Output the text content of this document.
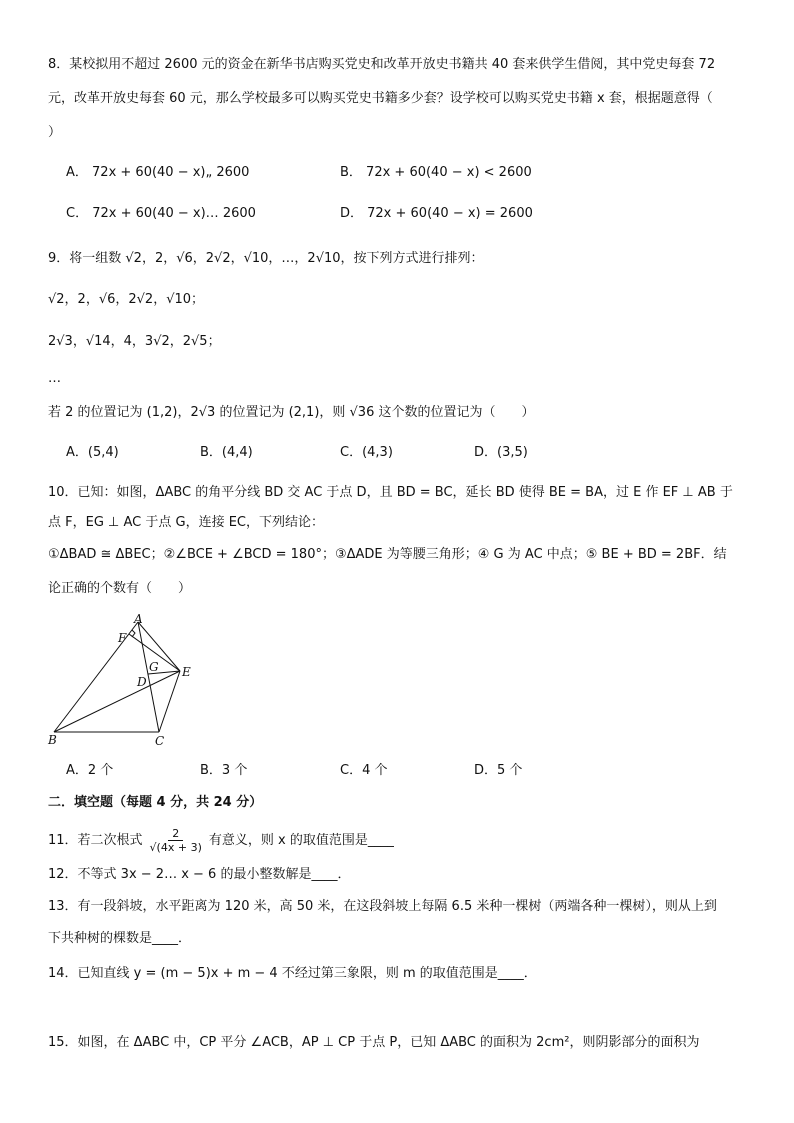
8．某校拟用不超过 2600 元的资金在新华书店购买党史和改革开放史书籍共 40 套来供学生借阅，其中党史每套 72
元，改革开放史每套 60 元，那么学校最多可以购买党史书籍多少套？设学校可以购买党史书籍 x 套，根据题意得（
）
A． 72x + 60(40 − x)„ 2600	B． 72x + 60(40 − x) < 2600
C． 72x + 60(40 − x)… 2600	D． 72x + 60(40 − x) = 2600
9．将一组数 √2，2，√6，2√2，√10，…，2√10，按下列方式进行排列：
√2，2，√6，2√2，√10；
2√3，√14，4，3√2，2√5；
…
若 2 的位置记为 (1,2)，2√3 的位置记为 (2,1)，则 √36 这个数的位置记为（　　）
A．(5,4)	B．(4,4)	C．(4,3)	D．(3,5)
10．已知：如图，ΔABC 的角平分线 BD 交 AC 于点 D，且 BD = BC，延长 BD 使得 BE = BA，过 E 作 EF ⊥ AB 于
点 F，EG ⊥ AC 于点 G，连接 EC，下列结论：
①ΔBAD ≅ ΔBEC；②∠BCE + ∠BCD = 180°；③ΔADE 为等腰三角形；④ G 为 AC 中点；⑤ BE + BD = 2BF．结
论正确的个数有（　　）
A
F
G
D
E
B	C
A．2 个	B．3 个	C．4 个	D．5 个
二．填空题（每题 4 分，共 24 分）
11．若二次根式 $\frac{2}{√(4x + 3)}$ 有意义，则 x 的取值范围是____
12．不等式 3x − 2… x − 6 的最小整数解是____．
13．有一段斜坡，水平距离为 120 米，高 50 米，在这段斜坡上每隔 6.5 米种一棵树（两端各种一棵树），则从上到
下共种树的棵数是____．
14．已知直线 y = (m − 5)x + m − 4 不经过第三象限，则 m 的取值范围是____．
15．如图，在 ΔABC 中，CP 平分 ∠ACB，AP ⊥ CP 于点 P，已知 ΔABC 的面积为 2cm²，则阴影部分的面积为
